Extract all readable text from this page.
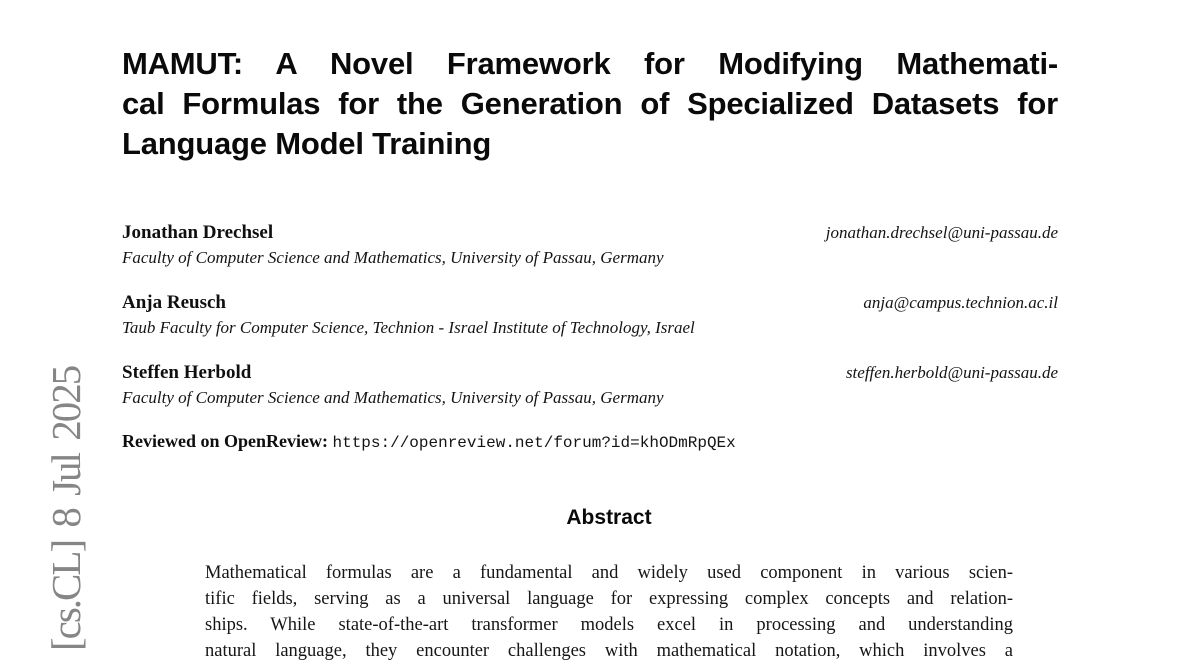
[cs.CL] 8 Jul 2025
MAMUT: A Novel Framework for Modifying Mathemati-
cal Formulas for the Generation of Specialized Datasets for
Language Model Training
Jonathan Drechsel	jonathan.drechsel@uni-passau.de
Faculty of Computer Science and Mathematics, University of Passau, Germany
Anja Reusch	anja@campus.technion.ac.il
Taub Faculty for Computer Science, Technion - Israel Institute of Technology, Israel
Steffen Herbold	steffen.herbold@uni-passau.de
Faculty of Computer Science and Mathematics, University of Passau, Germany
Reviewed on OpenReview: https://openreview.net/forum?id=khODmRpQEx
Abstract
Mathematical formulas are a fundamental and widely used component in various scien-
tific fields, serving as a universal language for expressing complex concepts and relation-
ships. While state-of-the-art transformer models excel in processing and understanding
natural language, they encounter challenges with mathematical notation, which involves a
